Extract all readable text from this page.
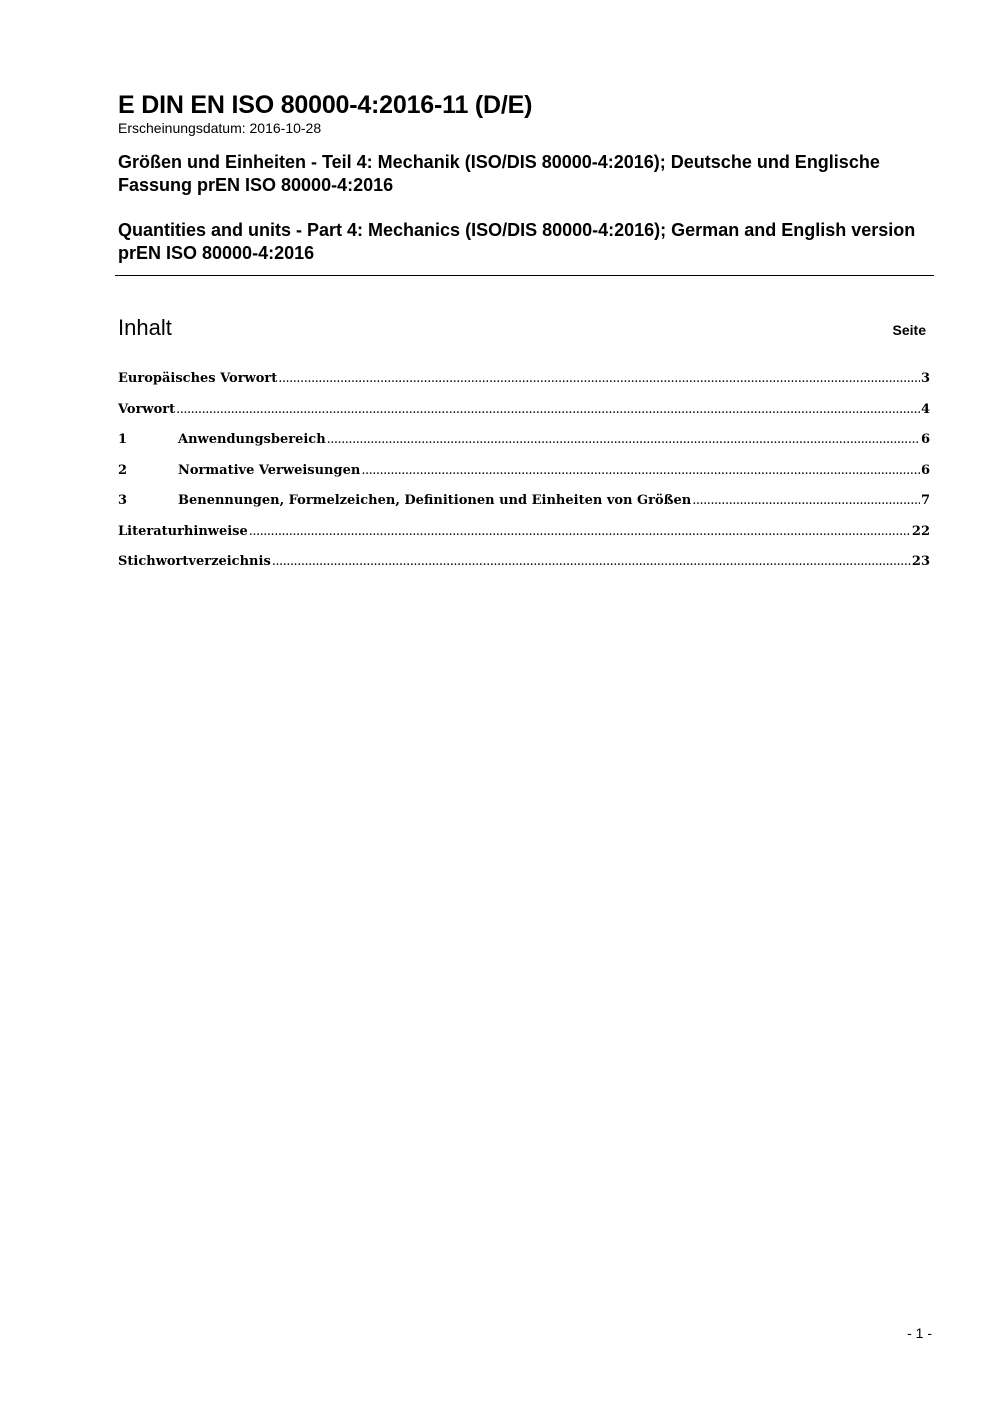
E DIN EN ISO 80000-4:2016-11 (D/E)

Erscheinungsdatum: 2016-10-28

Größen und Einheiten - Teil 4: Mechanik (ISO/DIS 80000-4:2016); Deutsche und Englische Fassung prEN ISO 80000-4:2016

Quantities and units - Part 4: Mechanics (ISO/DIS 80000-4:2016); German and English version prEN ISO 80000-4:2016

Inhalt	Seite
Europäisches Vorwort .....	3
Vorwort .....	4
1	Anwendungsbereich .....	6
2	Normative Verweisungen .....	6
3	Benennungen, Formelzeichen, Definitionen und Einheiten von Größen .....	7
Literaturhinweise .....	22
Stichwortverzeichnis .....	23
- 1 -
